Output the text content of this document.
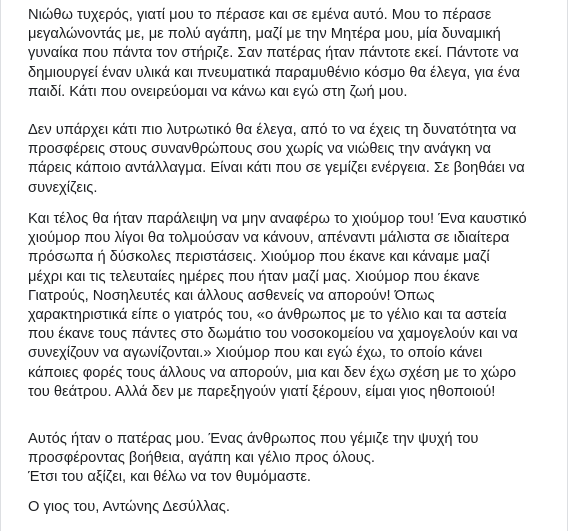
Νιώθω τυχερός, γιατί μου το πέρασε και σε εμένα αυτό. Μου το πέρασε
μεγαλώνοντάς με, με πολύ αγάπη, μαζί με την Μητέρα μου, μία δυναμική
γυναίκα που πάντα τον στήριζε. Σαν πατέρας ήταν πάντοτε εκεί. Πάντοτε να
δημιουργεί έναν υλικά και πνευματικά παραμυθένιο κόσμο θα έλεγα, για ένα
παιδί. Κάτι που ονειρεύομαι να κάνω και εγώ στη ζωή μου.

Δεν υπάρχει κάτι πιο λυτρωτικό θα έλεγα, από το να έχεις τη δυνατότητα να
προσφέρεις στους συνανθρώπους σου χωρίς να νιώθεις την ανάγκη να
πάρεις κάποιο αντάλλαγμα. Είναι κάτι που σε γεμίζει ενέργεια. Σε βοηθάει να
συνεχίζεις.

Και τέλος θα ήταν παράλειψη να μην αναφέρω το χιούμορ του! Ένα καυστικό
χιούμορ που λίγοι θα τολμούσαν να κάνουν, απέναντι μάλιστα σε ιδιαίτερα
πρόσωπα ή δύσκολες περιστάσεις. Χιούμορ που έκανε και κάναμε μαζί
μέχρι και τις τελευταίες ημέρες που ήταν μαζί μας. Χιούμορ που έκανε
Γιατρούς, Νοσηλευτές και άλλους ασθενείς να απορούν! Όπως
χαρακτηριστικά είπε ο γιατρός του, «ο άνθρωπος με το γέλιο και τα αστεία
που έκανε τους πάντες στο δωμάτιο του νοσοκομείου να χαμογελούν και να
συνεχίζουν να αγωνίζονται.» Χιούμορ που και εγώ έχω, το οποίο κάνει
κάποιες φορές τους άλλους να απορούν, μια και δεν έχω σχέση με το χώρο
του θεάτρου. Αλλά δεν με παρεξηγούν γιατί ξέρουν, είμαι γιος ηθοποιού!

Αυτός ήταν ο πατέρας μου. Ένας άνθρωπος που γέμιζε την ψυχή του
προσφέροντας βοήθεια, αγάπη και γέλιο προς όλους.
Έτσι του αξίζει, και θέλω να τον θυμόμαστε.

Ο γιος του, Αντώνης Δεσύλλας.
